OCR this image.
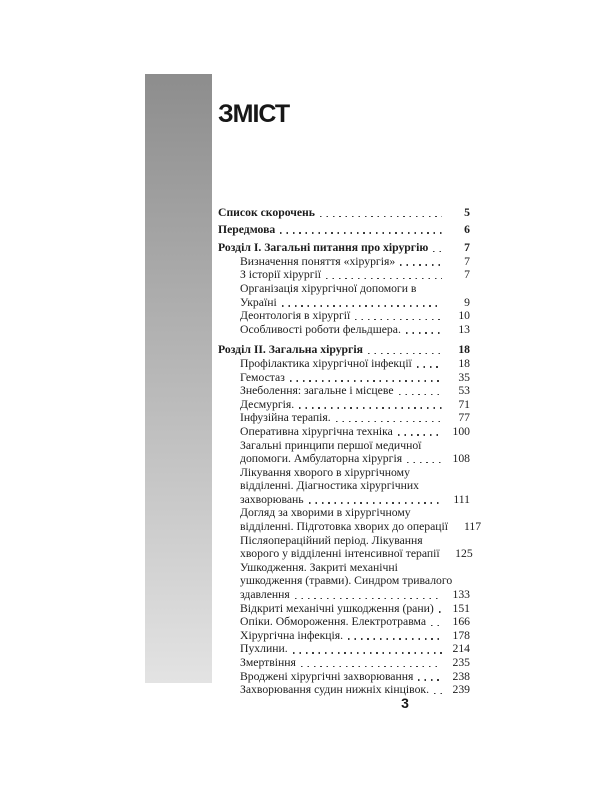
ЗМІСТ
Список скорочень	5
Передмова	6
Розділ І. Загальні питання про хірургію	7
Визначення поняття «хірургія»	7
З історії хірургії	7
Організація хірургічної допомоги в
Україні	9
Деонтологія в хірургії	10
Особливості роботи фельдшера.	13
Розділ ІІ. Загальна хірургія	18
Профілактика хірургічної інфекції	18
Гемостаз	35
Знеболення: загальне і місцеве	53
Десмургія.	71
Інфузійна терапія.	77
Оперативна хірургічна техніка	100
Загальні принципи першої медичної
допомоги. Амбулаторна хірургія	108
Лікування хворого в хірургічному
відділенні. Діагностика хірургічних
захворювань	111
Догляд за хворими в хірургічному
відділенні. Підготовка хворих до операції	117
Післяопераційний період. Лікування
хворого у відділенні інтенсивної терапії	125
Ушкодження. Закриті механічні
ушкодження (травми). Синдром тривалого
здавлення	133
Відкриті механічні ушкодження (рани)	151
Опіки. Обмороження. Електротравма	166
Хірургічна інфекція.	178
Пухлини.	214
Змертвіння	235
Вроджені хірургічні захворювання	238
Захворювання судин нижніх кінцівок.	239
3
